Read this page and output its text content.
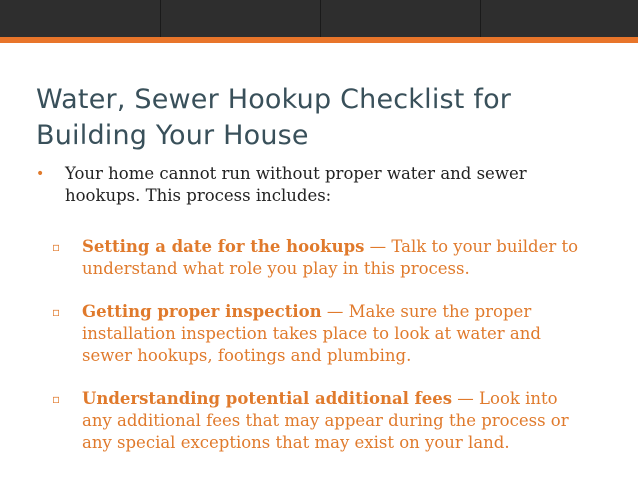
Water, Sewer Hookup Checklist for Building Your House
• Your home cannot run without proper water and sewer hookups. This process includes:
▫ Setting a date for the hookups — Talk to your builder to understand what role you play in this process.
▫ Getting proper inspection — Make sure the proper installation inspection takes place to look at water and sewer hookups, footings and plumbing.
▫ Understanding potential additional fees — Look into any additional fees that may appear during the process or any special exceptions that may exist on your land.
